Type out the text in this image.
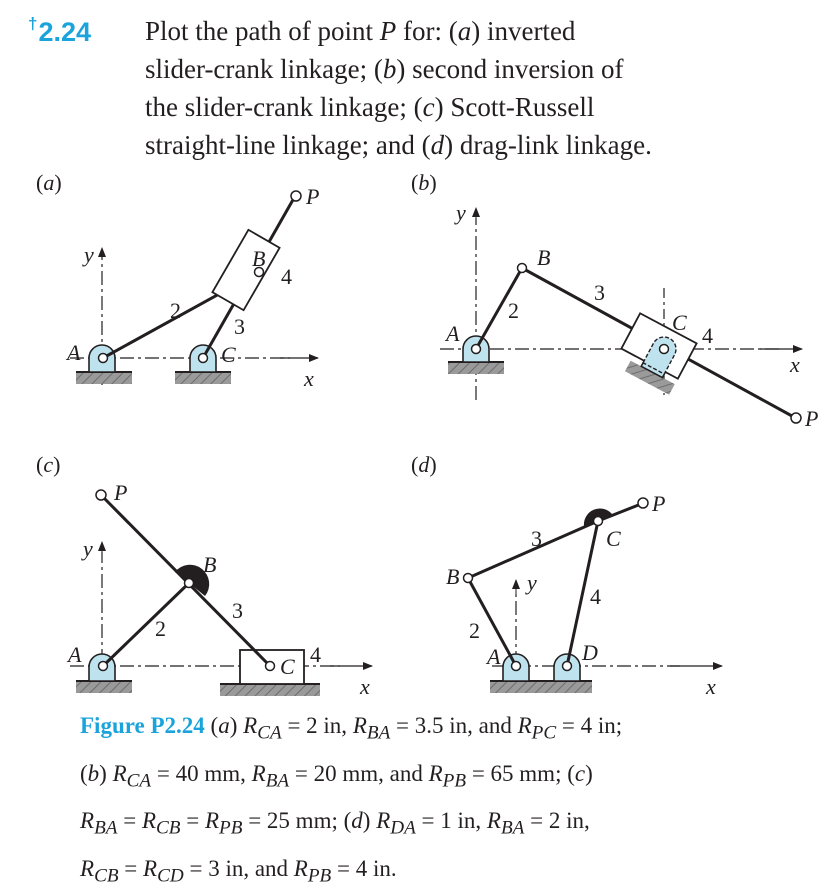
†2.24 Plot the path of point P for: (a) inverted
slider-crank linkage; (b) second inversion of
the slider-crank linkage; (c) Scott-Russell
straight-line linkage; and (d) drag-link linkage.
(a)
y
x
P
B
4
2
3
A	C
(b)
y
x
B
3
2
A	C
4
P
(c)
y
x
P
B
3
2
A	C 4
(d)
y
x
P
3	C
B
4
2
A	D
Figure P2.24 (a) $R_{CA} = 2$ in, $R_{BA} = 3.5$ in, and $R_{PC} = 4$ in;
(b) $R_{CA} = 40$ mm, $R_{BA} = 20$ mm, and $R_{PB} = 65$ mm; (c)
$R_{BA} = R_{CB} = R_{PB} = 25$ mm; (d) $R_{DA} = 1$ in, $R_{BA} = 2$ in,
$R_{CB} = R_{CD} = 3$ in, and $R_{PB} = 4$ in.
